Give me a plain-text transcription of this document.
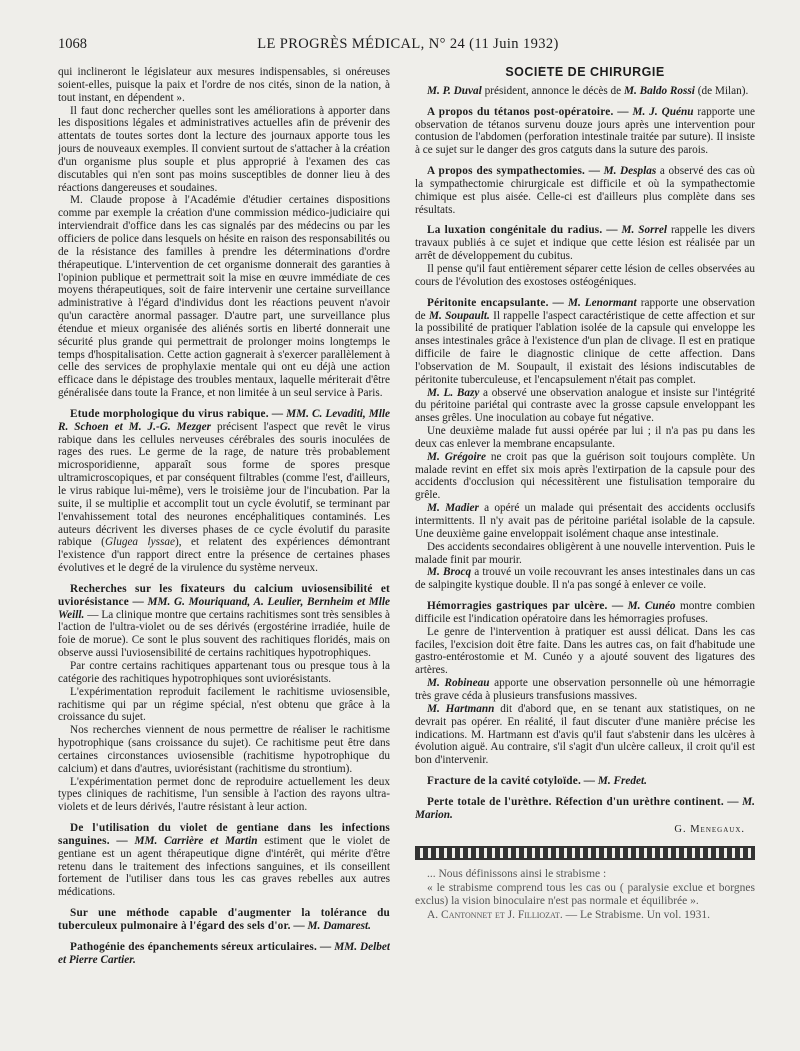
1068	LE PROGRÈS MÉDICAL, N° 24 (11 Juin 1932)

qui inclineront le législateur aux mesures indispensables, si onéreuses soient-elles, puisque la paix et l'ordre de nos cités, sinon de la nation, à tout instant, en dépendent ».

Il faut donc rechercher quelles sont les améliorations à apporter dans les dispositions légales et administratives actuelles afin de prévenir des attentats de toutes sortes dont la lecture des journaux apporte tous les jours de nouveaux exemples. Il convient surtout de s'attacher à la création d'un organisme plus souple et plus approprié à l'examen des cas discutables qui n'en sont pas moins susceptibles de donner lieu à des réactions dangereuses et soudaines.

M. Claude propose à l'Académie d'étudier certaines dispositions comme par exemple la création d'une commission médico-judiciaire qui interviendrait d'office dans les cas signalés par des médecins ou par les officiers de police dans lesquels on hésite en raison des responsabilités ou de la résistance des familles à prendre les déterminations d'ordre thérapeutique. L'intervention de cet organisme donnerait des garanties à l'opinion publique et permettrait soit la mise en œuvre immédiate de ces moyens thérapeutiques, soit de faire intervenir une certaine surveillance administrative à l'égard d'individus dont les réactions peuvent n'avoir qu'un caractère anormal passager. D'autre part, une surveillance plus étendue et mieux organisée des aliénés sortis en liberté donnerait une sécurité plus grande qui permettrait de prolonger moins longtemps le temps d'hospitalisation. Cette action gagnerait à s'exercer parallèlement à celle des services de prophylaxie mentale qui ont eu déjà une action efficace dans le dépistage des troubles mentaux, laquelle mériterait d'être généralisée dans toute la France, et non limitée à un seul service à Paris.

Etude morphologique du virus rabique. — MM. C. Levaditi, Mlle R. Schoen et M. J.-G. Mezger précisent l'aspect que revêt le virus rabique dans les cellules nerveuses cérébrales des souris inoculées de rages des rues. Le germe de la rage, de nature très probablement microsporidienne, apparaît sous forme de spores presque ultramicroscopiques, et par conséquent filtrables (comme l'est, d'ailleurs, le virus rabique lui-même), vers le troisième jour de l'incubation. Par la suite, il se multiplie et accomplit tout un cycle évolutif, se terminant par l'envahissement total des neurones encéphalitiques contaminés. Les auteurs décrivent les diverses phases de ce cycle évolutif du parasite rabique (Glugea lyssae), et relatent des expériences démontrant l'existence d'un rapport direct entre la présence de certaines phases évolutives et le degré de la virulence du système nerveux.

Recherches sur les fixateurs du calcium uviosensibilité et uviorésistance — MM. G. Mouriquand, A. Leulier, Bernheim et Mlle Weill. — La clinique montre que certains rachitismes sont très sensibles à l'action de l'ultra-violet ou de ses dérivés (ergostérine irradiée, huile de foie de morue). Ce sont le plus souvent des rachitiques floridés, mais on observe aussi l'uviosensibilité de certains rachitiques hypotrophiques.

Par contre certains rachitiques appartenant tous ou presque tous à la catégorie des rachitiques hypotrophiques sont uviorésistants.

L'expérimentation reproduit facilement le rachitisme uviosensible, rachitisme qui par un régime spécial, n'est obtenu que grâce à la croissance du sujet.

Nos recherches viennent de nous permettre de réaliser le rachitisme hypotrophique (sans croissance du sujet). Ce rachitisme peut être dans certaines circonstances uviosensible (rachitisme hypotrophique du calcium) et dans d'autres, uviorésistant (rachitisme du strontium).

L'expérimentation permet donc de reproduire actuellement les deux types cliniques de rachitisme, l'un sensible à l'action des rayons ultra-violets et de leurs dérivés, l'autre résistant à leur action.

De l'utilisation du violet de gentiane dans les infections sanguines. — MM. Carrière et Martin estiment que le violet de gentiane est un agent thérapeutique digne d'intérêt, qui mérite d'être retenu dans le traitement des infections sanguines, et ils conseillent fortement de l'utiliser dans tous les cas graves rebelles aux autres médications.

Sur une méthode capable d'augmenter la tolérance du tuberculeux pulmonaire à l'égard des sels d'or. — M. Damarest.

Pathogénie des épanchements séreux articulaires. — MM. Delbet et Pierre Cartier.

SOCIÉTÉ DE CHIRURGIE

M. P. Duval président, annonce le décès de M. Baldo Rossi (de Milan).

A propos du tétanos post-opératoire. — M. J. Quénu rapporte une observation de tétanos survenu douze jours après une intervention pour contusion de l'abdomen (perforation intestinale traitée par suture). Il insiste à ce sujet sur le danger des gros catguts dans la suture des parois.

A propos des sympathectomies. — M. Desplas a observé des cas où la sympathectomie chirurgicale est difficile et où la sympathectomie chimique est plus aisée. Celle-ci est d'ailleurs plus complète dans ses résultats.

La luxation congénitale du radius. — M. Sorrel rappelle les divers travaux publiés à ce sujet et indique que cette lésion est réalisée par un arrêt de développement du cubitus.

Il pense qu'il faut entièrement séparer cette lésion de celles observées au cours de l'évolution des exostoses ostéogéniques.

Péritonite encapsulante. — M. Lenormant rapporte une observation de M. Soupault. Il rappelle l'aspect caractéristique de cette affection et sur la possibilité de pratiquer l'ablation isolée de la capsule qui enveloppe les anses intestinales grâce à l'existence d'un plan de clivage. Il est en pratique difficile de faire le diagnostic clinique de cette affection. Dans l'observation de M. Soupault, il existait des lésions indiscutables de péritonite tuberculeuse, et l'encapsulement n'était pas complet.

M. L. Bazy a observé une observation analogue et insiste sur l'intégrité du péritoine pariétal qui contraste avec la grosse capsule enveloppant les anses grêles. Une inoculation au cobaye fut négative.

Une deuxième malade fut aussi opérée par lui ; il n'a pas pu dans les deux cas enlever la membrane encapsulante.

M. Grégoire ne croit pas que la guérison soit toujours complète. Un malade revint en effet six mois après l'extirpation de la capsule pour des accidents d'occlusion qui nécessitèrent une fistulisation temporaire du grêle.

M. Madier a opéré un malade qui présentait des accidents occlusifs intermittents. Il n'y avait pas de péritoine pariétal isolable de la capsule. Une deuxième gaine enveloppait isolément chaque anse intestinale.

Des accidents secondaires obligèrent à une nouvelle intervention. Puis le malade finit par mourir.

M. Brocq a trouvé un voile recouvrant les anses intestinales dans un cas de salpingite kystique double. Il n'a pas songé à enlever ce voile.

Hémorragies gastriques par ulcère. — M. Cunéo montre combien difficile est l'indication opératoire dans les hémorragies profuses.

Le genre de l'intervention à pratiquer est aussi délicat. Dans les cas faciles, l'excision doit être faite. Dans les autres cas, on fait d'habitude une gastro-entérostomie et M. Cunéo y a ajouté souvent des ligatures des artères.

M. Robineau apporte une observation personnelle où une hémorragie très grave céda à plusieurs transfusions massives.

M. Hartmann dit d'abord que, en se tenant aux statistiques, on ne devrait pas opérer. En réalité, il faut discuter d'une manière précise les indications. M. Hartmann est d'avis qu'il faut s'abstenir dans les ulcères à évolution aiguë. Au contraire, s'il s'agit d'un ulcère calleux, il croit qu'il est bon d'intervenir.

Fracture de la cavité cotyloïde. — M. Fredet.

Perte totale de l'urèthre. Réfection d'un urèthre continent. — M. Marion.

G. Menegaux.

... Nous définissons ainsi le strabisme :

« le strabisme comprend tous les cas ou ( paralysie exclue et borgnes exclus) la vision binoculaire n'est pas normale et équilibrée ».

A. Cantonnet et J. Filliozat. — Le Strabisme. Un vol. 1931.
